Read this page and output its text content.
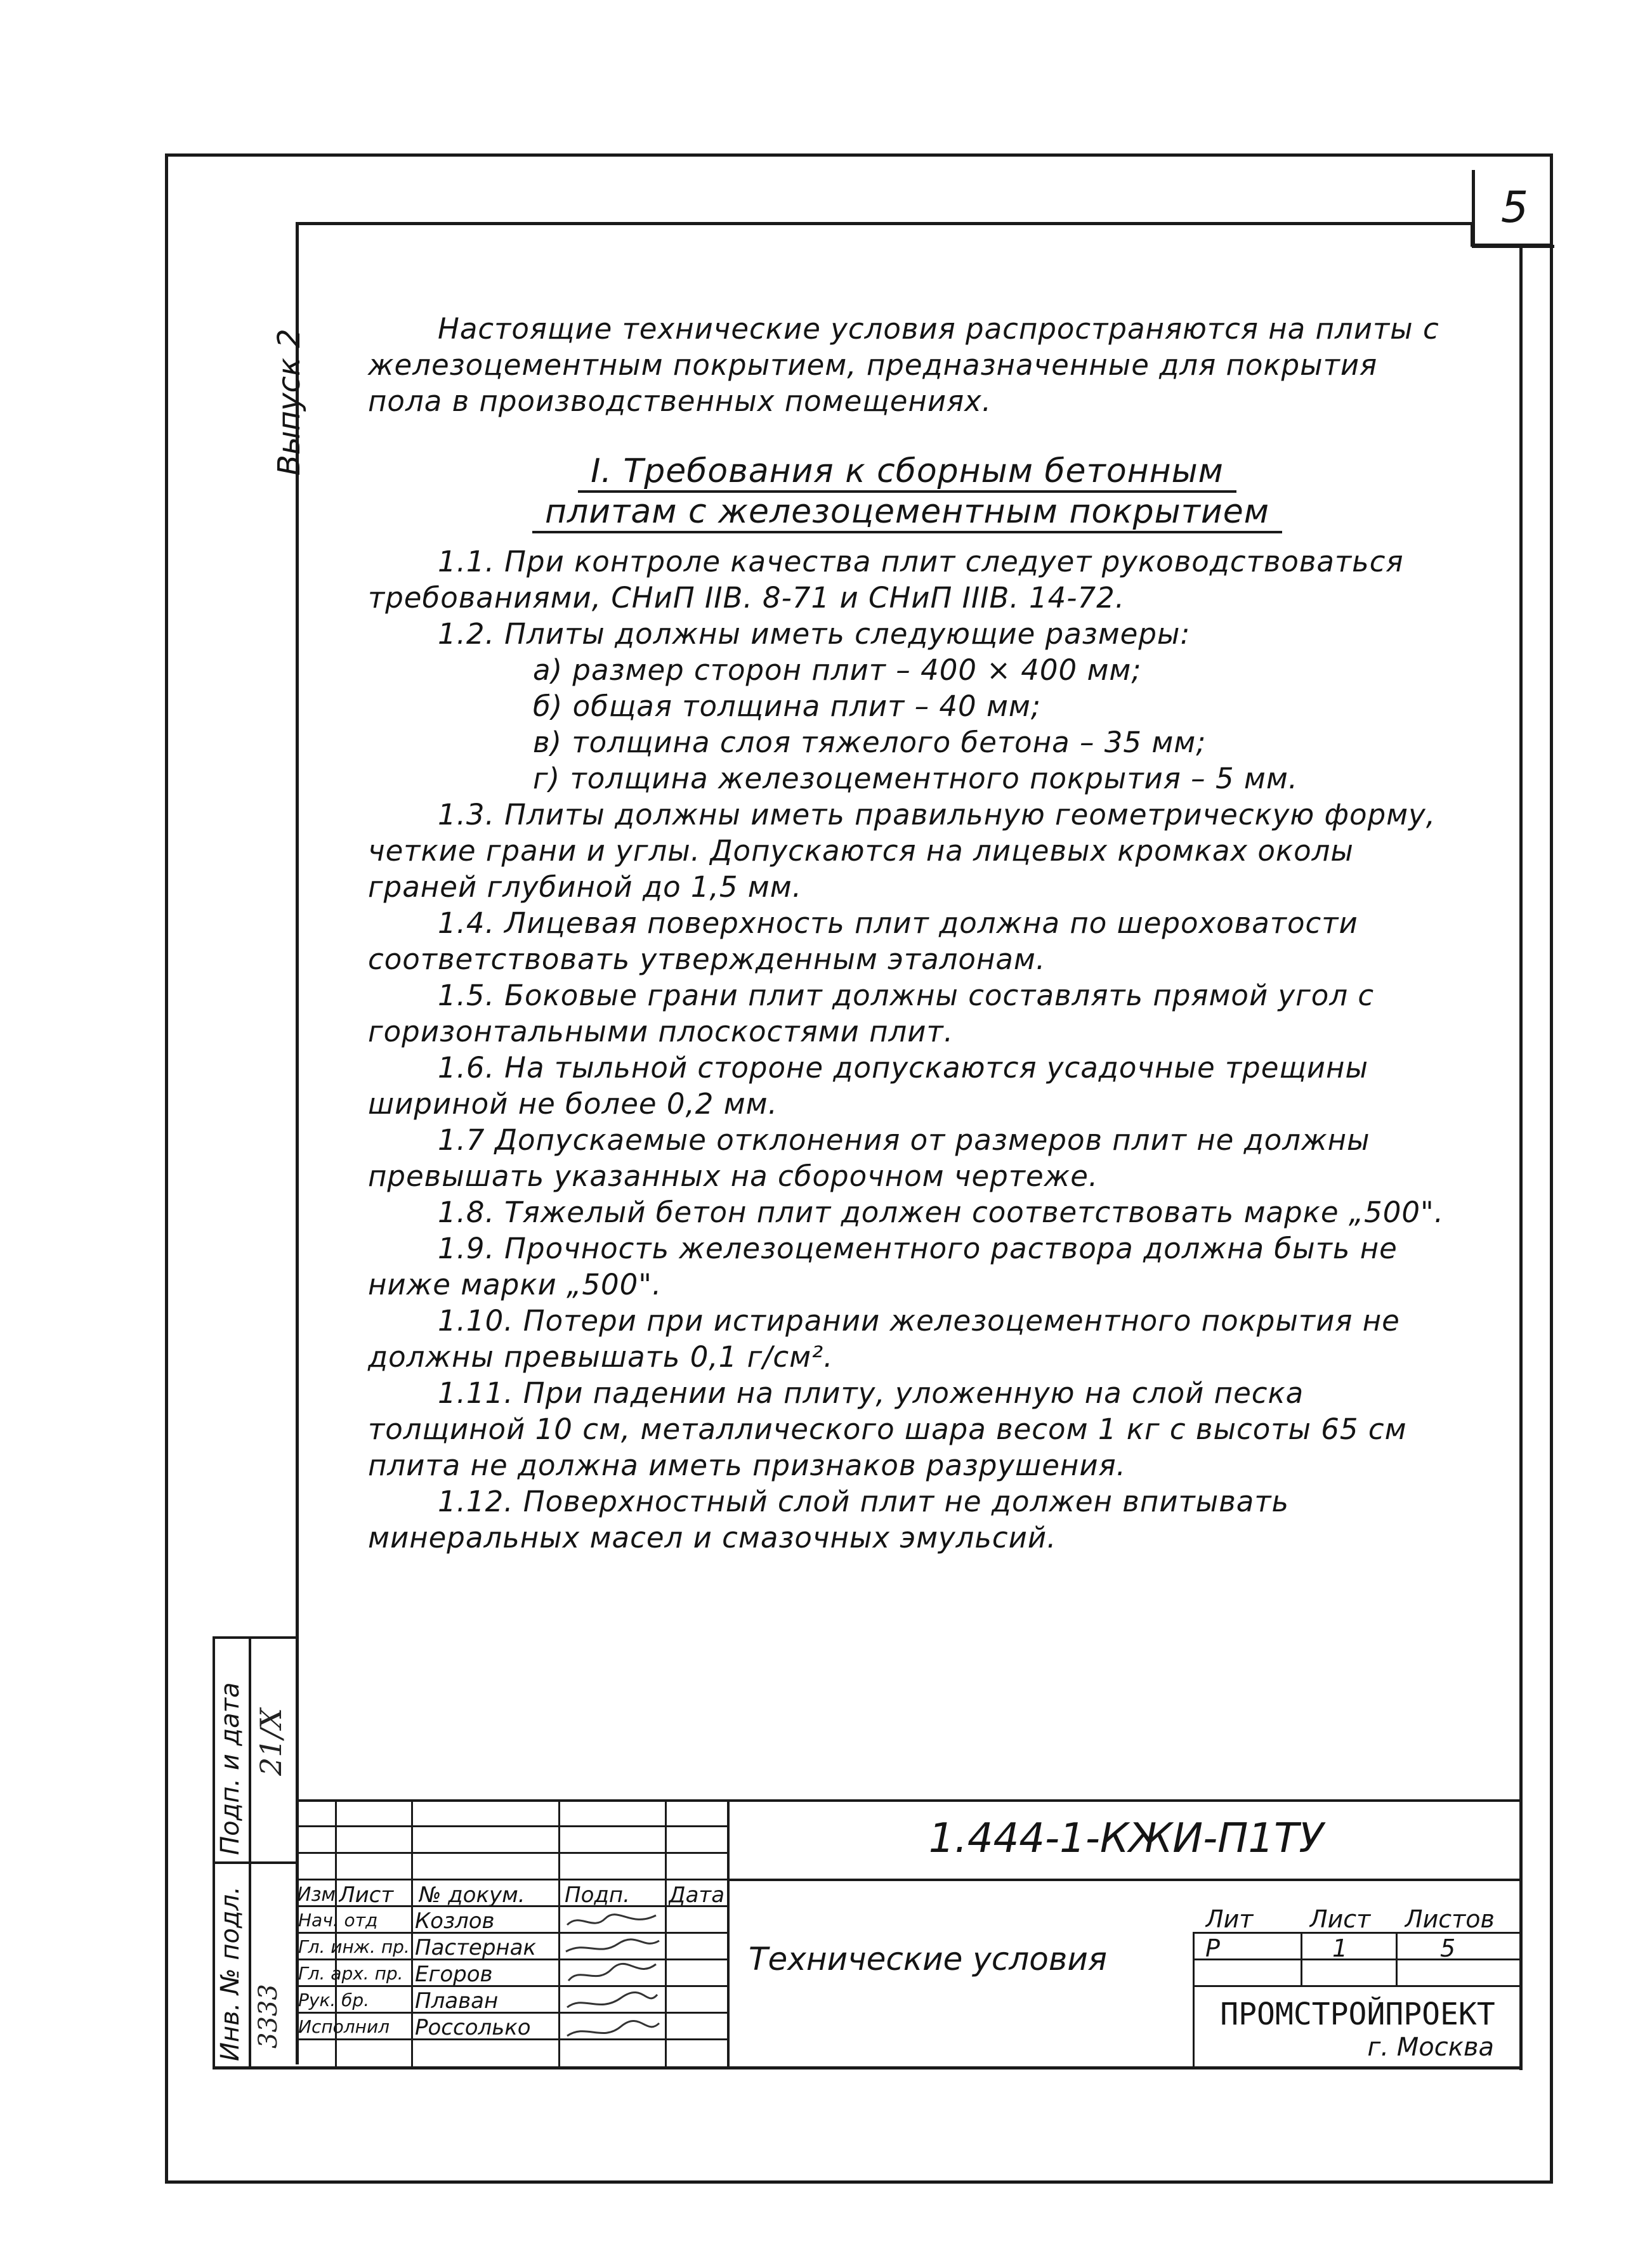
5
Выпуск 2	Настоящие технические условия распространяются на плиты с железоцементным покрытием, предназначенные для покрытия пола в производственных помещениях.

I. Требования к сборным бетонным
плитам с железоцементным покрытием

1.1. При контроле качества плит следует руководствоваться требованиями, СНиП IIВ. 8-71 и СНиП IIIВ. 14-72.

1.2. Плиты должны иметь следующие размеры:

а) размер сторон плит – 400 × 400 мм;

б) общая толщина плит – 40 мм;

в) толщина слоя тяжелого бетона – 35 мм;

г) толщина железоцементного покрытия – 5 мм.

1.3. Плиты должны иметь правильную геометрическую форму, четкие грани и углы. Допускаются на лицевых кромках околы граней глубиной до 1,5 мм.

1.4. Лицевая поверхность плит должна по шероховатости соответствовать утвержденным эталонам.

1.5. Боковые грани плит должны составлять прямой угол с горизонтальными плоскостями плит.

1.6. На тыльной стороне допускаются усадочные трещины шириной не более 0,2 мм.

1.7 Допускаемые отклонения от размеров плит не должны превышать указанных на сборочном чертеже.

1.8. Тяжелый бетон плит должен соответствовать марке „500".

1.9. Прочность железоцементного раствора должна быть не ниже марки „500".

1.10. Потери при истирании железоцементного покрытия не должны превышать 0,1 г/см².

1.11. При падении на плиту, уложенную на слой песка толщиной 10 см, металлического шара весом 1 кг с высоты 65 см плита не должна иметь признаков разрушения.

1.12. Поверхностный слой плит не должен впитывать минеральных масел и смазочных эмульсий.

Подп. и дата
Инв. № подл.
21/X
3333
Изм Лист	№ докум.	Подп.	Дата
Нач. отд	Козлов
Гл. инж. пр. Пастернак
Гл. арх. пр. Егоров
Рук. бр.	Плаван
Исполнил	Россолько
1.444-1-КЖИ-П1ТУ
Технические условия
Лит	Лист	Листов
Р	1	5
ПРОМСТРОЙПРОЕКТ
г. Москва
